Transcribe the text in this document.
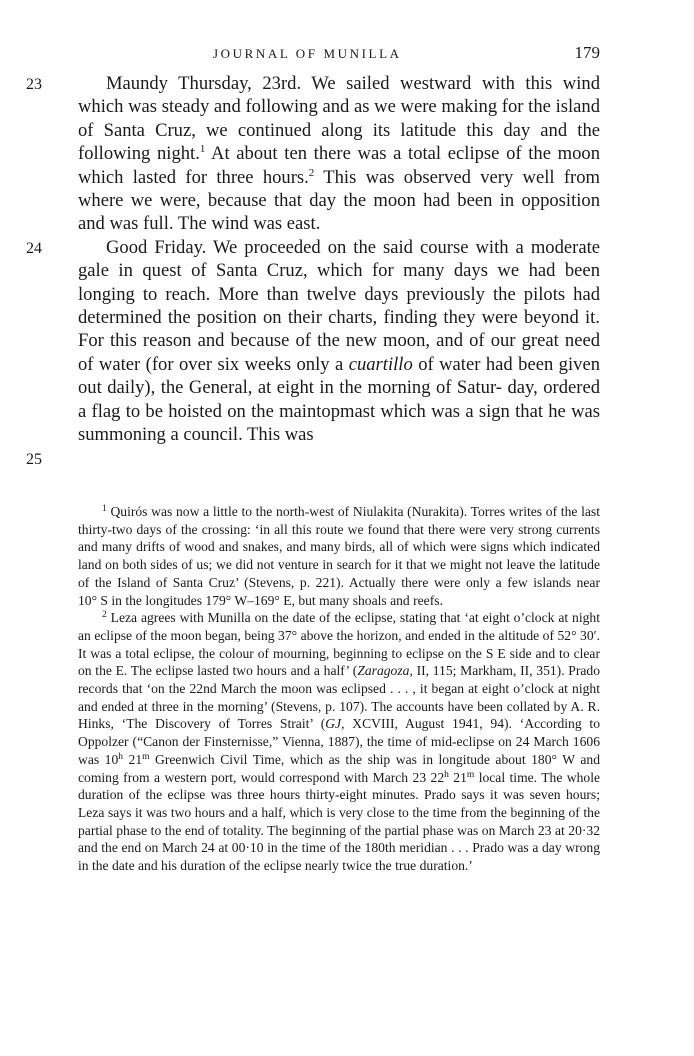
JOURNAL OF MUNILLA	179

23	Maundy Thursday, 23rd. We sailed westward with this wind which was steady and following and as we were making for the island of Santa Cruz, we continued along its latitude this day and the following night.$^1$ At about ten there was a total eclipse of the moon which lasted for three hours.$^2$ This was observed very well from where we were, because that day the moon had been in opposition and was full. The wind was east.

24
25
Good Friday. We proceeded on the said course with a moderate gale in quest of Santa Cruz, which for many days we had been longing to reach. More than twelve days previously the pilots had determined the position on their charts, finding they were beyond it. For this reason and because of the new moon, and of our great need of water (for over six weeks only a cuartillo of water had been given out daily), the General, at eight in the morning of Satur- day, ordered a flag to be hoisted on the maintopmast which was a sign that he was summoning a council. This was

$^1$ Quirós was now a little to the north-west of Niulakita (Nurakita). Torres writes of the last thirty-two days of the crossing: ‘in all this route we found that there were very strong currents and many drifts of wood and snakes, and many birds, all of which were signs which indicated land on both sides of us; we did not venture in search for it that we might not leave the latitude of the Island of Santa Cruz’ (Stevens, p. 221). Actually there were only a few islands near 10° S in the longitudes 179° W–169° E, but many shoals and reefs.

$^2$ Leza agrees with Munilla on the date of the eclipse, stating that ‘at eight o’clock at night an eclipse of the moon began, being 37° above the horizon, and ended in the altitude of 52° 30′. It was a total eclipse, the colour of mourning, beginning to eclipse on the S E side and to clear on the E. The eclipse lasted two hours and a half’ (Zaragoza, II, 115; Markham, II, 351). Prado records that ‘on the 22nd March the moon was eclipsed . . . , it began at eight o’clock at night and ended at three in the morning’ (Stevens, p. 107). The accounts have been collated by A. R. Hinks, ‘The Discovery of Torres Strait’ (GJ, XCVIII, August 1941, 94). ‘According to Oppolzer (“Canon der Finsternisse,” Vienna, 1887), the time of mid-eclipse on 24 March 1606 was 10$^h$ 21$^m$ Greenwich Civil Time, which as the ship was in longitude about 180° W and coming from a western port, would correspond with March 23 22$^h$ 21$^m$ local time. The whole duration of the eclipse was three hours thirty-eight minutes. Prado says it was seven hours; Leza says it was two hours and a half, which is very close to the time from the beginning of the partial phase to the end of totality. The beginning of the partial phase was on March 23 at 20·32 and the end on March 24 at 00·10 in the time of the 180th meridian . . . Prado was a day wrong in the date and his duration of the eclipse nearly twice the true duration.’
